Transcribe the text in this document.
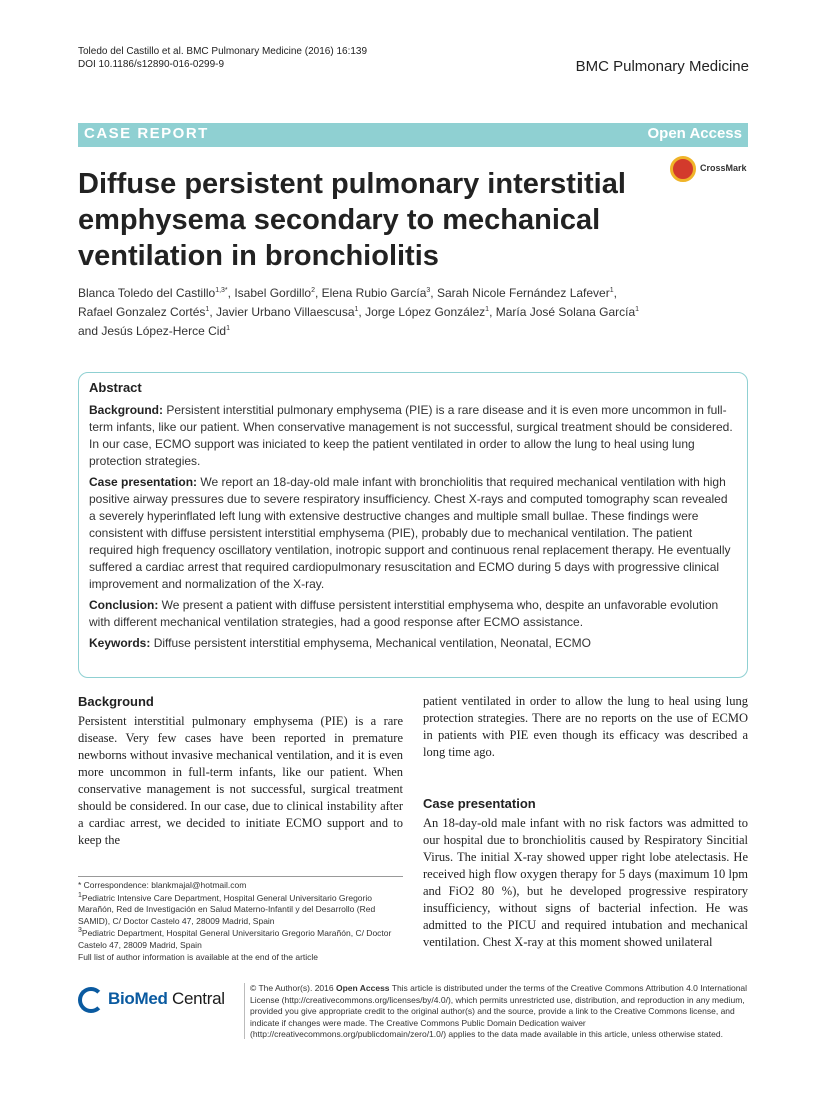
Toledo del Castillo et al. BMC Pulmonary Medicine (2016) 16:139
DOI 10.1186/s12890-016-0299-9	BMC Pulmonary Medicine
CASE REPORT	Open Access
CrossMark
Diffuse persistent pulmonary interstitial emphysema secondary to mechanical ventilation in bronchiolitis
Blanca Toledo del Castillo$^{1,3*}$, Isabel Gordillo$^2$, Elena Rubio García$^3$, Sarah Nicole Fernández Lafever$^1$,
Rafael Gonzalez Cortés$^1$, Javier Urbano Villaescusa$^1$, Jorge López González$^1$, María José Solana García$^1$
and Jesús López-Herce Cid$^1$
Abstract

Background: Persistent interstitial pulmonary emphysema (PIE) is a rare disease and it is even more uncommon in full-term infants, like our patient. When conservative management is not successful, surgical treatment should be considered. In our case, ECMO support was iniciated to keep the patient ventilated in order to allow the lung to heal using lung protection strategies.

Case presentation: We report an 18-day-old male infant with bronchiolitis that required mechanical ventilation with high positive airway pressures due to severe respiratory insufficiency. Chest X-rays and computed tomography scan revealed a severely hyperinflated left lung with extensive destructive changes and multiple small bullae. These findings were consistent with diffuse persistent interstitial emphysema (PIE), probably due to mechanical ventilation. The patient required high frequency oscillatory ventilation, inotropic support and continuous renal replacement therapy. He eventually suffered a cardiac arrest that required cardiopulmonary resuscitation and ECMO during 5 days with progressive clinical improvement and normalization of the X-ray.

Conclusion: We present a patient with diffuse persistent interstitial emphysema who, despite an unfavorable evolution with different mechanical ventilation strategies, had a good response after ECMO assistance.

Keywords: Diffuse persistent interstitial emphysema, Mechanical ventilation, Neonatal, ECMO

Background

Persistent interstitial pulmonary emphysema (PIE) is a rare disease. Very few cases have been reported in premature newborns without invasive mechanical ventilation, and it is even more uncommon in full-term infants, like our patient. When conservative management is not successful, surgical treatment should be considered. In our case, due to clinical instability after a cardiac arrest, we decided to initiate ECMO support and to keep the

patient ventilated in order to allow the lung to heal using lung protection strategies. There are no reports on the use of ECMO in patients with PIE even though its efficacy was described a long time ago.

Case presentation

An 18-day-old male infant with no risk factors was admitted to our hospital due to bronchiolitis caused by Respiratory Sincitial Virus. The initial X-ray showed upper right lobe atelectasis. He received high flow oxygen therapy for 5 days (maximum 10 lpm and FiO2 80 %), but he developed progressive respiratory insufficiency, without signs of bacterial infection. He was admitted to the PICU and required intubation and mechanical ventilation. Chest X-ray at this moment showed unilateral

* Correspondence: blankmajal@hotmail.com

$^1$Pediatric Intensive Care Department, Hospital General Universitario Gregorio Marañón, Red de Investigación en Salud Materno-Infantil y del Desarrollo (Red SAMID), C/ Doctor Castelo 47, 28009 Madrid, Spain

$^3$Pediatric Department, Hospital General Universitario Gregorio Marañón, C/ Doctor Castelo 47, 28009 Madrid, Spain

Full list of author information is available at the end of the article

BioMed Central
© The Author(s). 2016 Open Access This article is distributed under the terms of the Creative Commons Attribution 4.0 International License (http://creativecommons.org/licenses/by/4.0/), which permits unrestricted use, distribution, and reproduction in any medium, provided you give appropriate credit to the original author(s) and the source, provide a link to the Creative Commons license, and indicate if changes were made. The Creative Commons Public Domain Dedication waiver (http://creativecommons.org/publicdomain/zero/1.0/) applies to the data made available in this article, unless otherwise stated.
